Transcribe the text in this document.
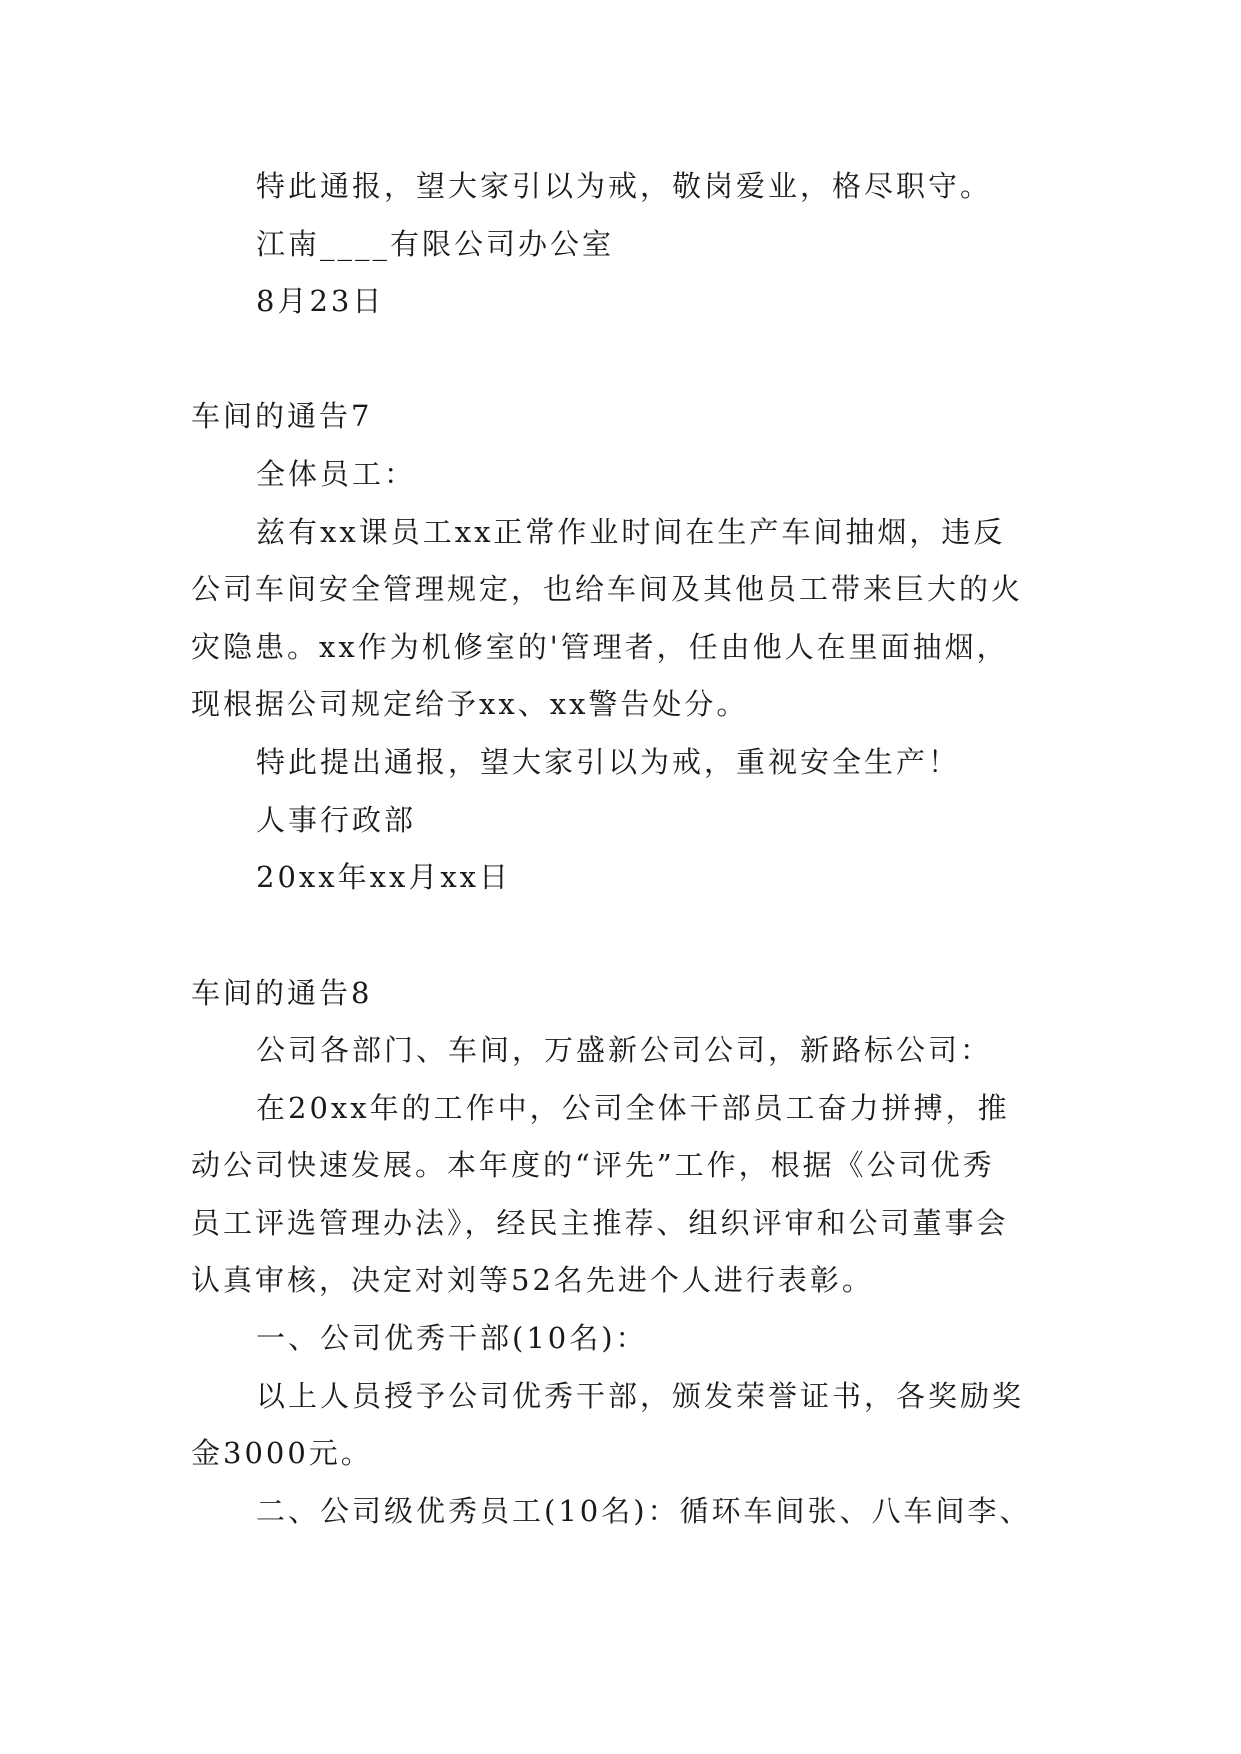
特此通报，望大家引以为戒，敬岗爱业，格尽职守。
江南____有限公司办公室
8月23日
车间的通告7
全体员工：
兹有xx课员工xx正常作业时间在生产车间抽烟，违反
公司车间安全管理规定，也给车间及其他员工带来巨大的火
灾隐患。xx作为机修室的'管理者，任由他人在里面抽烟，
现根据公司规定给予xx、xx警告处分。
特此提出通报，望大家引以为戒，重视安全生产！
人事行政部
20xx年xx月xx日
车间的通告8
公司各部门、车间，万盛新公司公司，新路标公司：
在20xx年的工作中，公司全体干部员工奋力拼搏，推
动公司快速发展。本年度的“评先”工作，根据《公司优秀
员工评选管理办法》，经民主推荐、组织评审和公司董事会
认真审核，决定对刘等52名先进个人进行表彰。
一、公司优秀干部(10名)：
以上人员授予公司优秀干部，颁发荣誉证书，各奖励奖
金3000元。
二、公司级优秀员工(10名)：循环车间张、八车间李、
